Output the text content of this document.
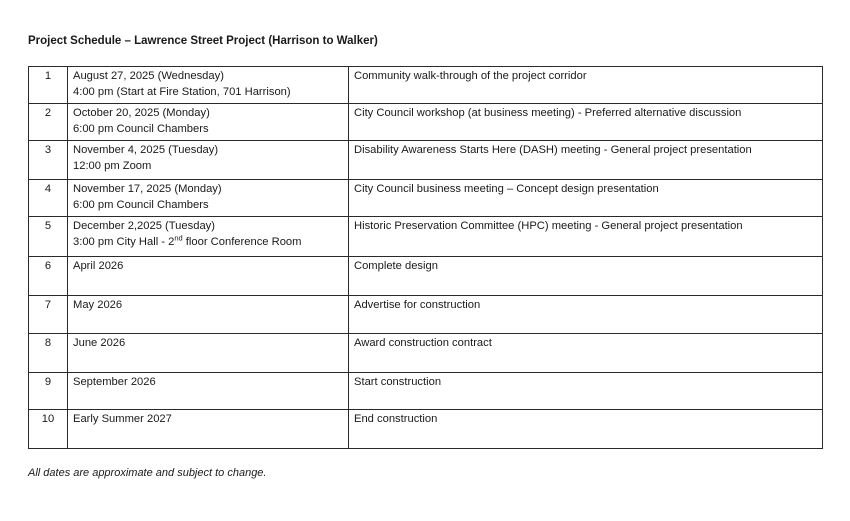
Project Schedule – Lawrence Street Project (Harrison to Walker)
1	August 27, 2025 (Wednesday)
4:00 pm (Start at Fire Station, 701 Harrison)	Community walk-through of the project corridor
2	October 20, 2025 (Monday)
6:00 pm Council Chambers	City Council workshop (at business meeting) - Preferred alternative discussion
3	November 4, 2025 (Tuesday)
12:00 pm Zoom	Disability Awareness Starts Here (DASH) meeting - General project presentation
4	November 17, 2025 (Monday)
6:00 pm Council Chambers	City Council business meeting – Concept design presentation
5	December 2,2025 (Tuesday)
3:00 pm City Hall - 2nd floor Conference Room	Historic Preservation Committee (HPC) meeting - General project presentation
6	April 2026	Complete design
7	May 2026	Advertise for construction
8	June 2026	Award construction contract
9	September 2026	Start construction
10	Early Summer 2027	End construction
All dates are approximate and subject to change.
